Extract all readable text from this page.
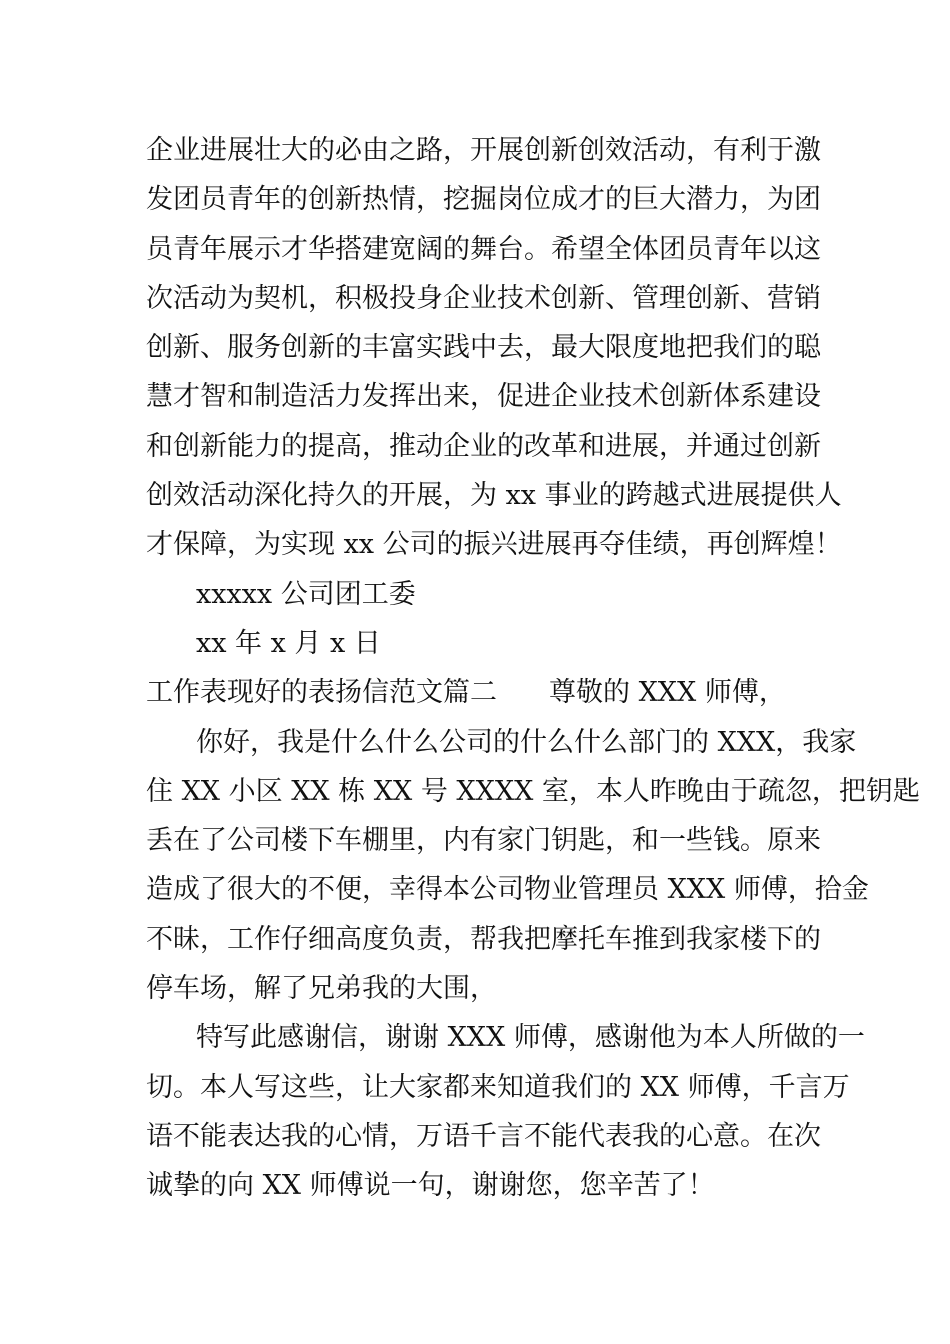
企业进展壮大的必由之路，开展创新创效活动，有利于激
发团员青年的创新热情，挖掘岗位成才的巨大潜力，为团
员青年展示才华搭建宽阔的舞台。希望全体团员青年以这
次活动为契机，积极投身企业技术创新、管理创新、营销
创新、服务创新的丰富实践中去，最大限度地把我们的聪
慧才智和制造活力发挥出来，促进企业技术创新体系建设
和创新能力的提高，推动企业的改革和进展，并通过创新
创效活动深化持久的开展，为 xx 事业的跨越式进展提供人
才保障，为实现 xx 公司的振兴进展再夺佳绩，再创辉煌！
xxxxx 公司团工委
xx 年 x 月 x 日
工作表现好的表扬信范文篇二 尊敬的 XXX 师傅，
你好，我是什么什么公司的什么什么部门的 XXX，我家
住 XX 小区 XX 栋 XX 号 XXXX 室，本人昨晚由于疏忽，把钥匙
丢在了公司楼下车棚里，内有家门钥匙，和一些钱。原来
造成了很大的不便，幸得本公司物业管理员 XXX 师傅，拾金
不昧，工作仔细高度负责，帮我把摩托车推到我家楼下的
停车场，解了兄弟我的大围，
特写此感谢信，谢谢 XXX 师傅，感谢他为本人所做的一
切。本人写这些，让大家都来知道我们的 XX 师傅，千言万
语不能表达我的心情，万语千言不能代表我的心意。在次
诚挚的向 XX 师傅说一句，谢谢您，您辛苦了！
